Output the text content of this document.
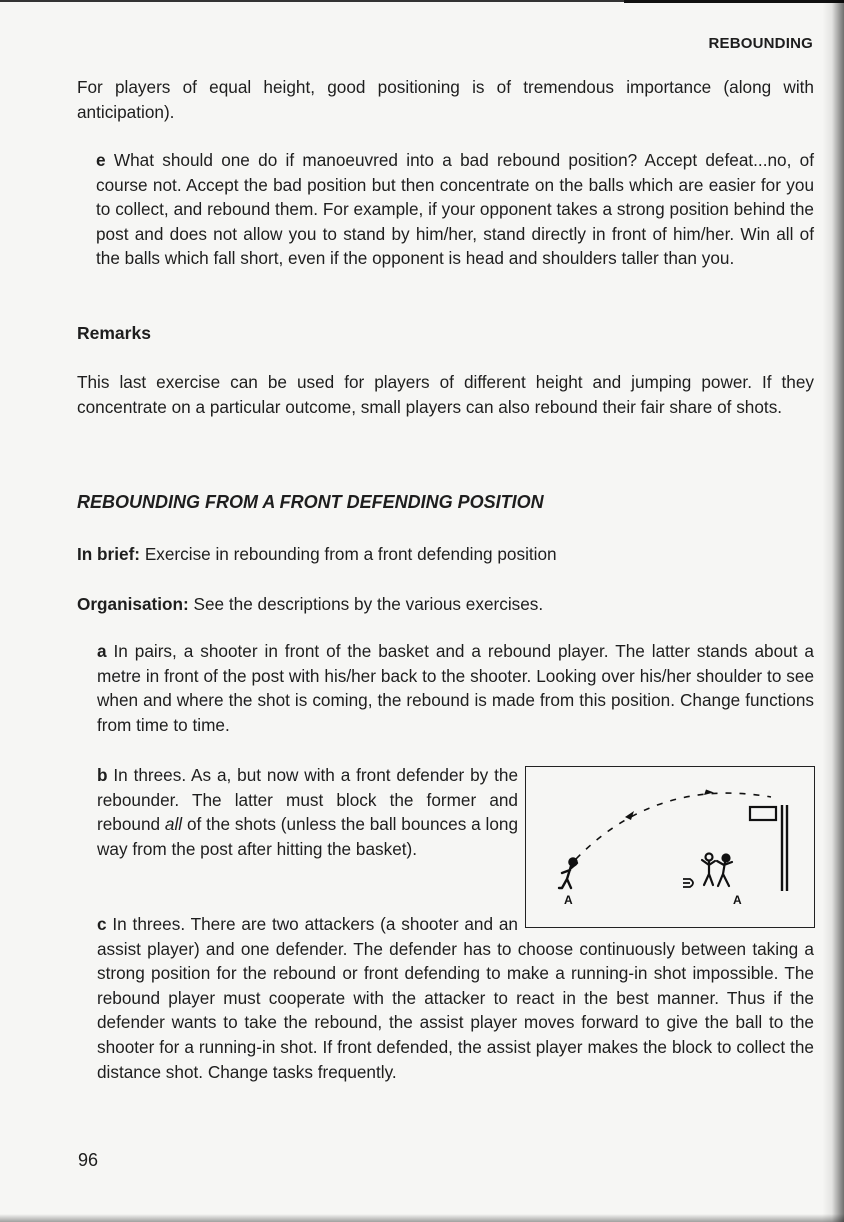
REBOUNDING

For players of equal height, good positioning is of tremendous importance (along with anticipation).

e What should one do if manoeuvred into a bad rebound position? Accept defeat...no, of course not. Accept the bad position but then concentrate on the balls which are easier for you to collect, and rebound them. For example, if your opponent takes a strong position behind the post and does not allow you to stand by him/her, stand directly in front of him/her. Win all of the balls which fall short, even if the opponent is head and shoulders taller than you.

Remarks

This last exercise can be used for players of different height and jumping power. If they concentrate on a particular outcome, small players can also rebound their fair share of shots.

REBOUNDING FROM A FRONT DEFENDING POSITION

In brief: Exercise in rebounding from a front defending position

Organisation: See the descriptions by the various exercises.

a In pairs, a shooter in front of the basket and a rebound player. The latter stands about a metre in front of the post with his/her back to the shooter. Looking over his/her shoulder to see when and where the shot is coming, the rebound is made from this position. Change functions from time to time.

b In threes. As a, but now with a front defender by the rebounder. The latter must block the former and rebound all of the shots (unless the ball bounces a long way from the post after hitting the basket).

A	A

c In threes. There are two attackers (a shooter and an assist player) and one defender. The defender has to choose continuously between taking a strong position for the rebound or front defending to make a running-in shot impossible. The rebound player must cooperate with the attacker to react in the best manner. Thus if the defender wants to take the rebound, the assist player moves forward to give the ball to the shooter for a running-in shot. If front defended, the assist player makes the block to collect the distance shot. Change tasks frequently.

96
